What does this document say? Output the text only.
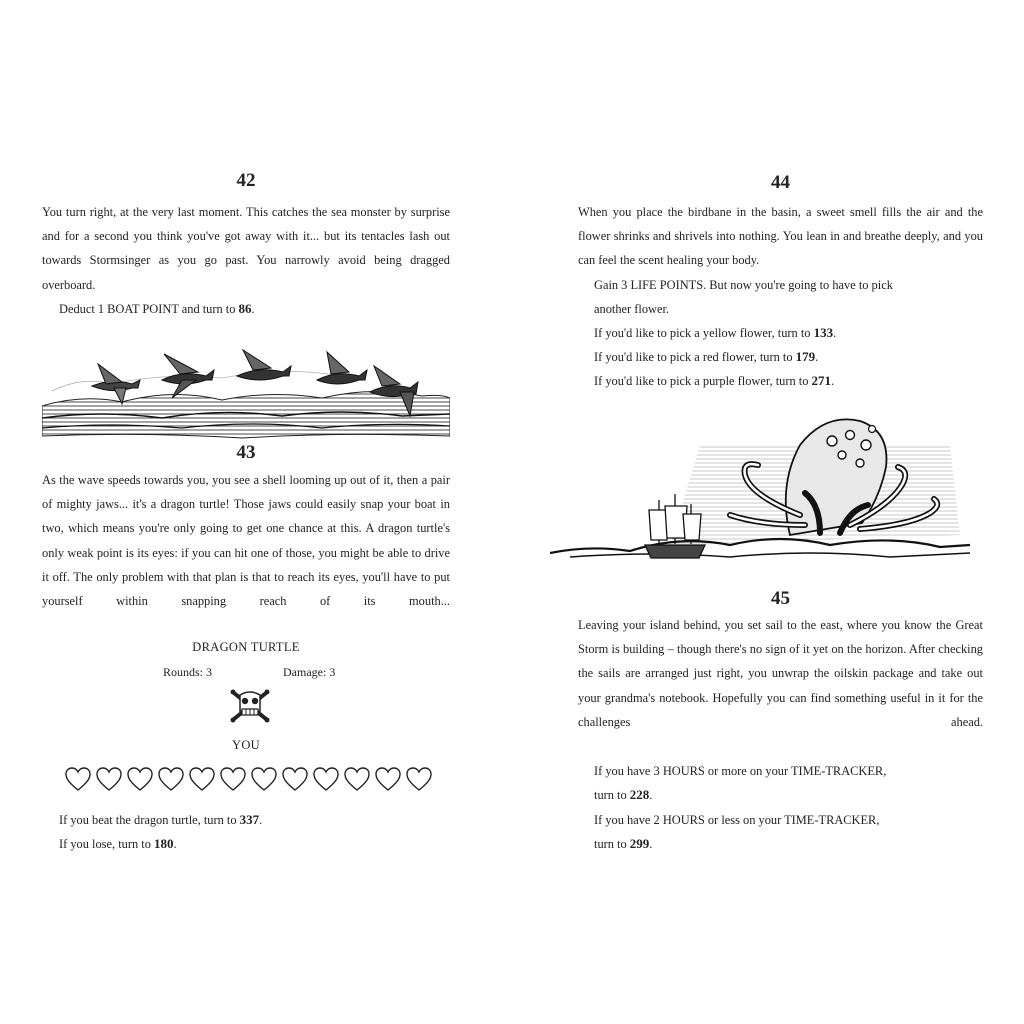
42

You turn right, at the very last moment. This catches the sea monster by surprise and for a second you think you've got away with it... but its tentacles lash out towards Stormsinger as you go past. You narrowly avoid being dragged overboard.

Deduct 1 BOAT POINT and turn to 86.
43

As the wave speeds towards you, you see a shell looming up out of it, then a pair of mighty jaws... it's a dragon turtle! Those jaws could easily snap your boat in two, which means you're only going to get one chance at this. A dragon turtle's only weak point is its eyes: if you can hit one of those, you might be able to drive it off. The only problem with that plan is that to reach its eyes, you'll have to put yourself within snapping reach of its mouth...

DRAGON TURTLE
Rounds: 3	Damage: 3
YOU
If you beat the dragon turtle, turn to 337.
If you lose, turn to 180.
44

When you place the birdbane in the basin, a sweet smell fills the air and the flower shrinks and shrivels into nothing. You lean in and breathe deeply, and you can feel the scent healing your body.

Gain 3 LIFE POINTS. But now you're going to have to pick
another flower.
If you'd like to pick a yellow flower, turn to 133.
If you'd like to pick a red flower, turn to 179.
If you'd like to pick a purple flower, turn to 271.
45

Leaving your island behind, you set sail to the east, where you know the Great Storm is building – though there's no sign of it yet on the horizon. After checking the sails are arranged just right, you unwrap the oilskin package and take out your grandma's notebook. Hopefully you can find something useful in it for the challenges ahead.

If you have 3 HOURS or more on your TIME-TRACKER,
turn to 228.
If you have 2 HOURS or less on your TIME-TRACKER,
turn to 299.
